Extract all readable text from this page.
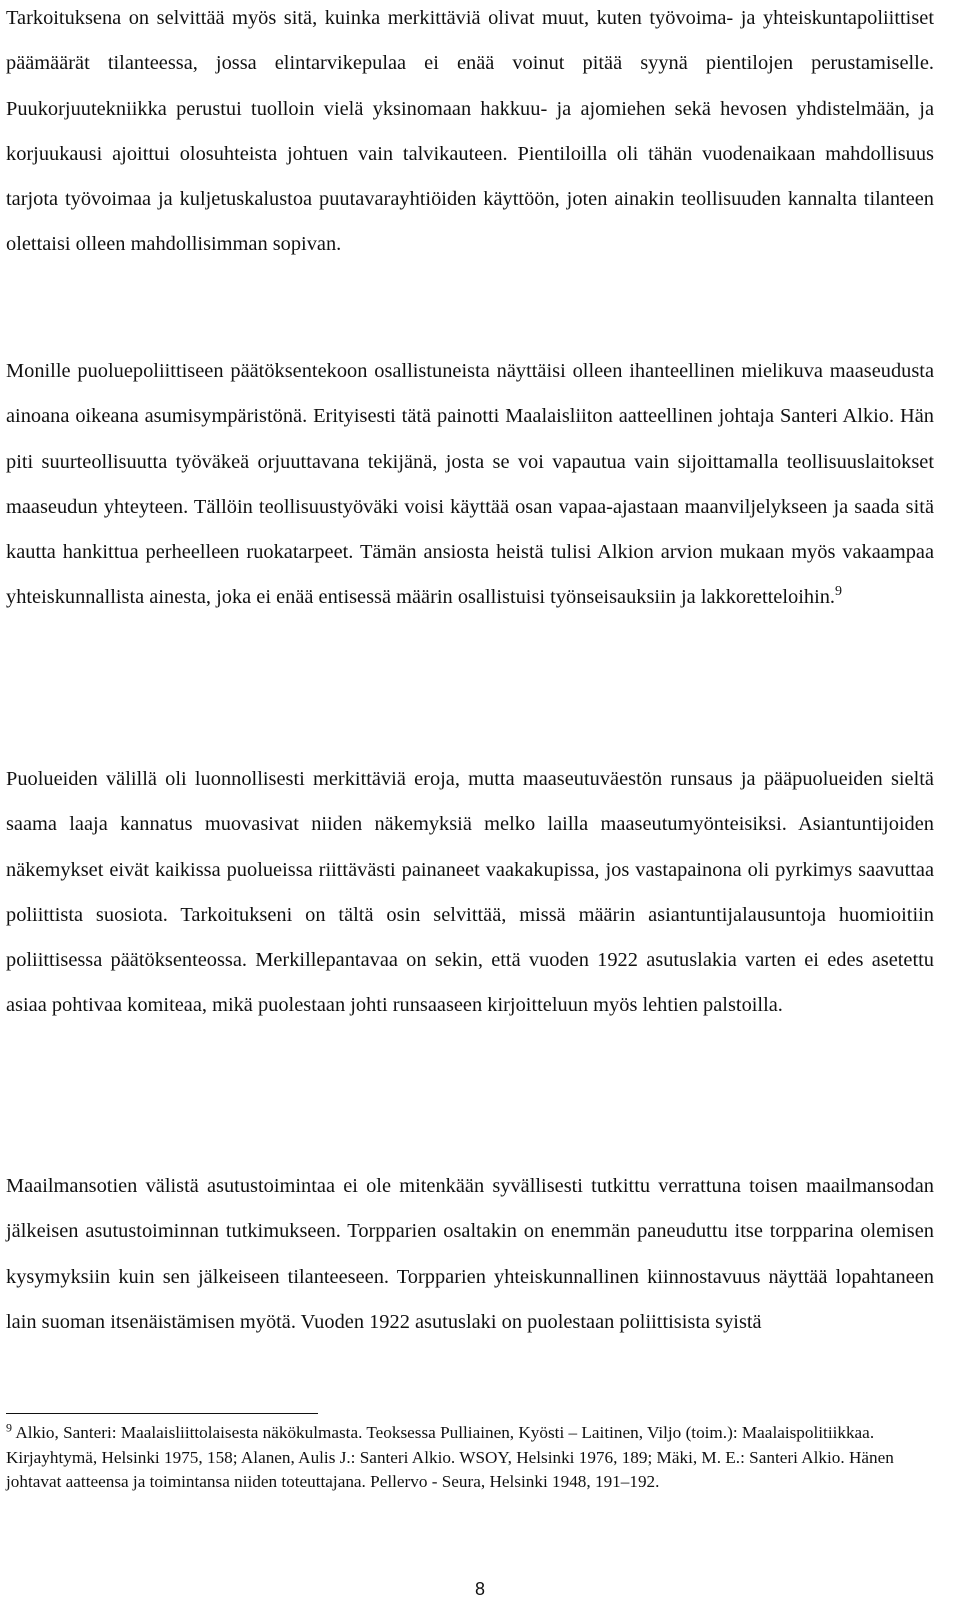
Tarkoituksena on selvittää myös sitä, kuinka merkittäviä olivat muut, kuten työvoima- ja yhteiskuntapoliittiset päämäärät tilanteessa, jossa elintarvikepulaa ei enää voinut pitää syynä pientilojen perustamiselle. Puukorjuutekniikka perustui tuolloin vielä yksinomaan hakkuu- ja ajomiehen sekä hevosen yhdistelmään, ja korjuukausi ajoittui olosuhteista johtuen vain talvikauteen. Pientiloilla oli tähän vuodenaikaan mahdollisuus tarjota työvoimaa ja kuljetuskalustoa puutavarayhtiöiden käyttöön, joten ainakin teollisuuden kannalta tilanteen olettaisi olleen mahdollisimman sopivan.

Monille puoluepoliittiseen päätöksentekoon osallistuneista näyttäisi olleen ihanteellinen mielikuva maaseudusta ainoana oikeana asumisympäristönä. Erityisesti tätä painotti Maalaisliiton aatteellinen johtaja Santeri Alkio. Hän piti suurteollisuutta työväkeä orjuuttavana tekijänä, josta se voi vapautua vain sijoittamalla teollisuuslaitokset maaseudun yhteyteen. Tällöin teollisuustyöväki voisi käyttää osan vapaa-ajastaan maanviljelykseen ja saada sitä kautta hankittua perheelleen ruokatarpeet. Tämän ansiosta heistä tulisi Alkion arvion mukaan myös vakaampaa yhteiskunnallista ainesta, joka ei enää entisessä määrin osallistuisi työnseisauksiin ja lakkoretteloihin.$^9$

Puolueiden välillä oli luonnollisesti merkittäviä eroja, mutta maaseutuväestön runsaus ja pääpuolueiden sieltä saama laaja kannatus muovasivat niiden näkemyksiä melko lailla maaseutumyönteisiksi. Asiantuntijoiden näkemykset eivät kaikissa puolueissa riittävästi painaneet vaakakupissa, jos vastapainona oli pyrkimys saavuttaa poliittista suosiota. Tarkoitukseni on tältä osin selvittää, missä määrin asiantuntijalausuntoja huomioitiin poliittisessa päätöksenteossa. Merkillepantavaa on sekin, että vuoden 1922 asutuslakia varten ei edes asetettu asiaa pohtivaa komiteaa, mikä puolestaan johti runsaaseen kirjoitteluun myös lehtien palstoilla.

Maailmansotien välistä asutustoimintaa ei ole mitenkään syvällisesti tutkittu verrattuna toisen maailmansodan jälkeisen asutustoiminnan tutkimukseen. Torpparien osaltakin on enemmän paneuduttu itse torpparina olemisen kysymyksiin kuin sen jälkeiseen tilanteeseen. Torpparien yhteiskunnallinen kiinnostavuus näyttää lopahtaneen lain suoman itsenäistämisen myötä. Vuoden 1922 asutuslaki on puolestaan poliittisista syistä

$^9$ Alkio, Santeri: Maalaisliittolaisesta näkökulmasta. Teoksessa Pulliainen, Kyösti – Laitinen, Viljo (toim.): Maalaispolitiikkaa. Kirjayhtymä, Helsinki 1975, 158; Alanen, Aulis J.: Santeri Alkio. WSOY, Helsinki 1976, 189; Mäki, M. E.: Santeri Alkio. Hänen johtavat aatteensa ja toimintansa niiden toteuttajana. Pellervo - Seura, Helsinki 1948, 191–192.

8
